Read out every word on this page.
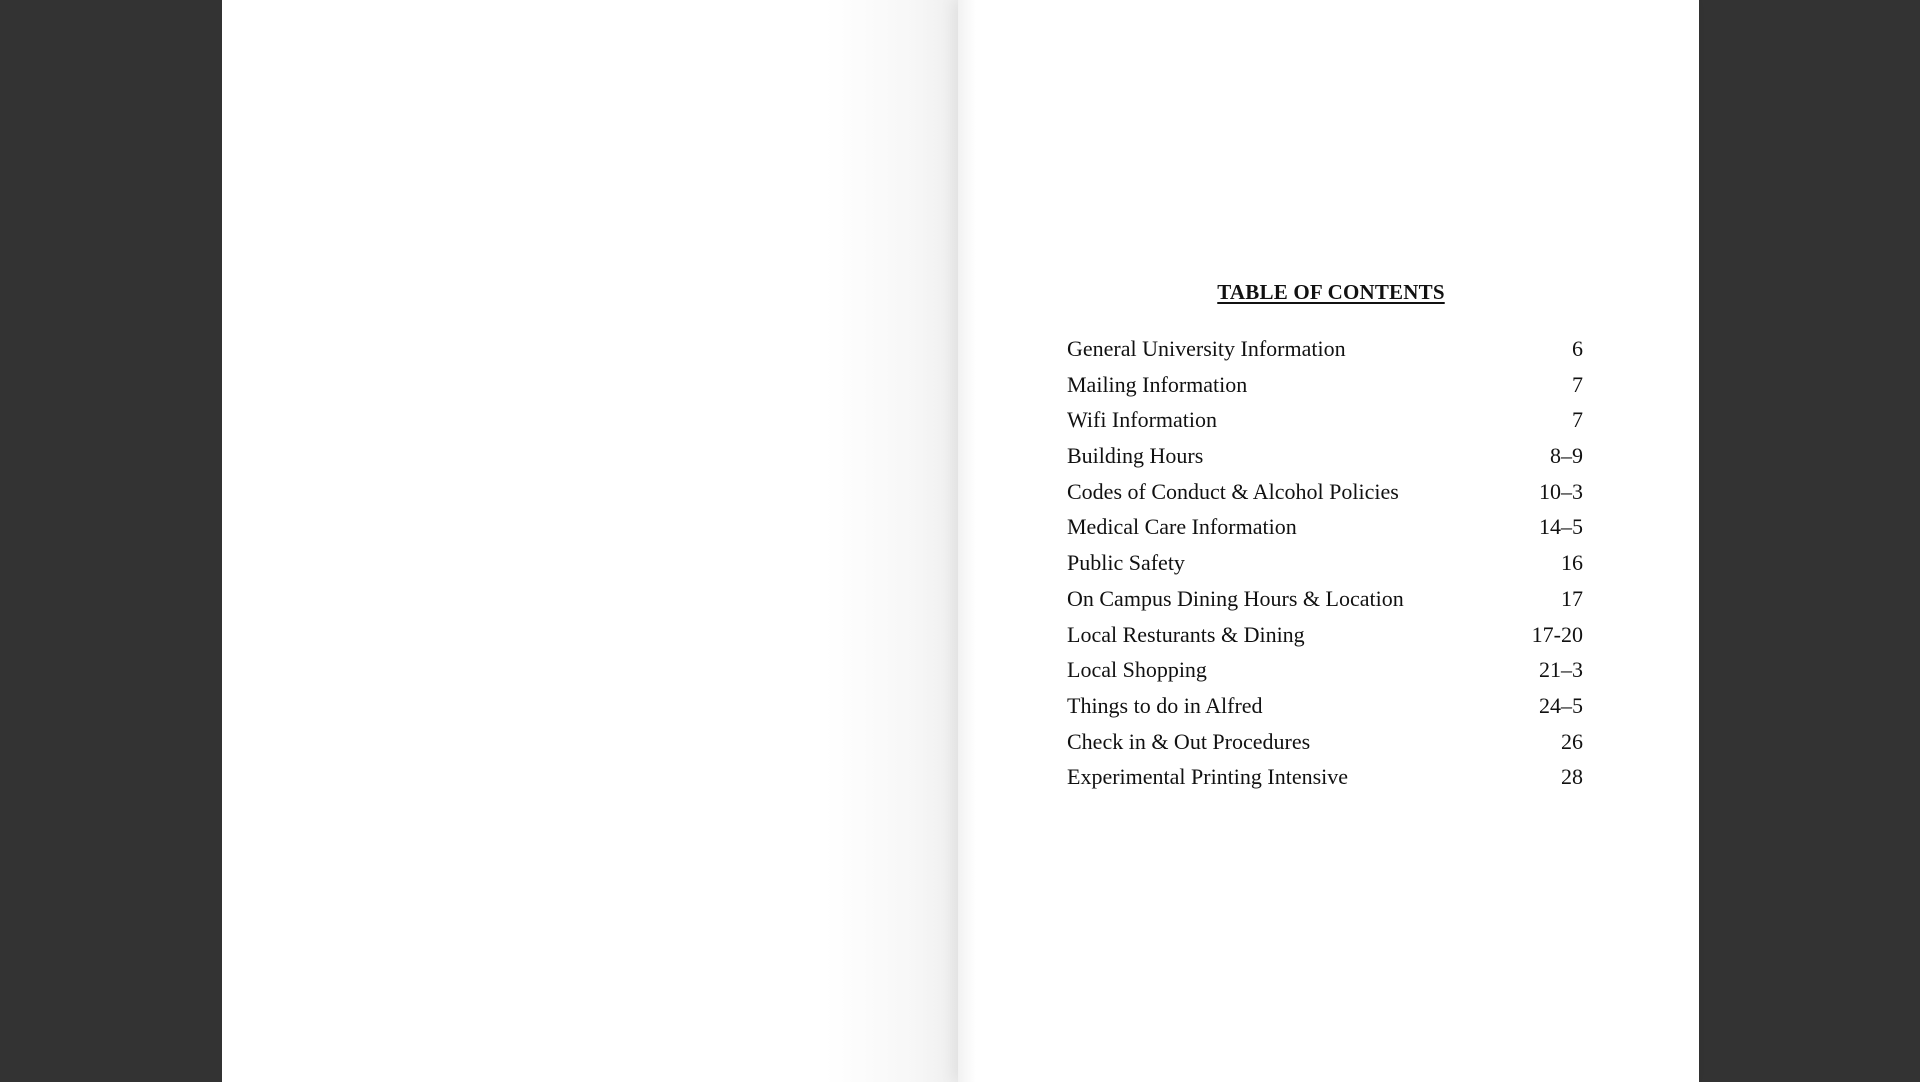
TABLE OF CONTENTS
General University Information	6
Mailing Information	7
Wifi Information	7
Building Hours	8–9
Codes of Conduct & Alcohol Policies	10–3
Medical Care Information	14–5
Public Safety	16
On Campus Dining Hours & Location	17
Local Resturants & Dining	17-20
Local Shopping	21–3
Things to do in Alfred	24–5
Check in & Out Procedures	26
Experimental Printing Intensive	28
